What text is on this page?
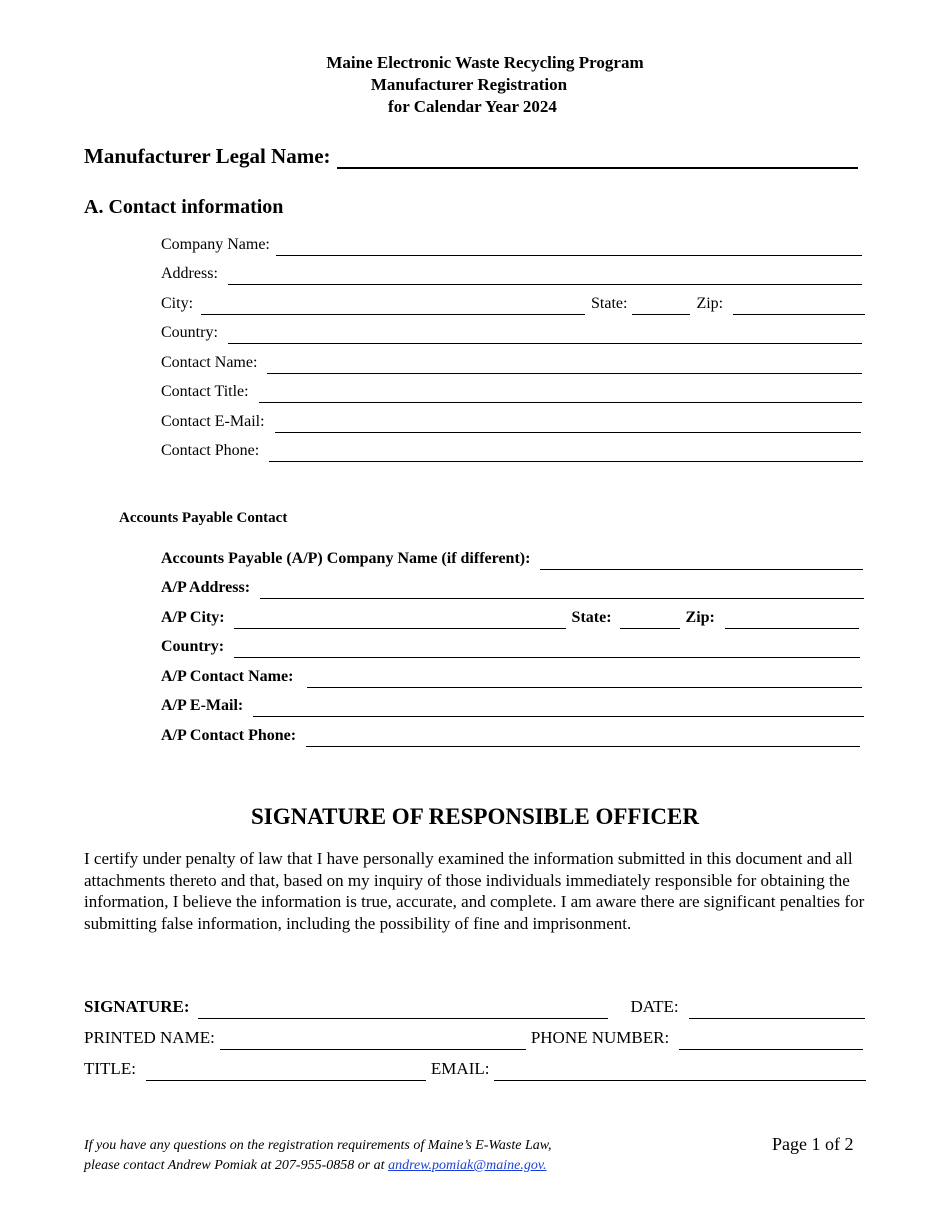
Maine Electronic Waste Recycling Program
Manufacturer Registration
for Calendar Year 2024
Manufacturer Legal Name:
A. Contact information
Company Name:
Address:
City:	State:	Zip:
Country:
Contact Name:
Contact Title:
Contact E-Mail:
Contact Phone:
Accounts Payable Contact
Accounts Payable (A/P) Company Name (if different):
A/P Address:
A/P City:	State:	Zip:
Country:
A/P Contact Name:
A/P E-Mail:
A/P Contact Phone:
SIGNATURE OF RESPONSIBLE OFFICER
I certify under penalty of law that I have personally examined the information submitted in this document and all attachments thereto and that, based on my inquiry of those individuals immediately responsible for obtaining the information, I believe the information is true, accurate, and complete. I am aware there are significant penalties for submitting false information, including the possibility of fine and imprisonment.
SIGNATURE:	DATE:
PRINTED NAME:	PHONE NUMBER:
TITLE:	EMAIL:
If you have any questions on the registration requirements of Maine’s E-Waste Law,
please contact Andrew Pomiak at 207-955-0858 or at andrew.pomiak@maine.gov.
Page 1 of 2
